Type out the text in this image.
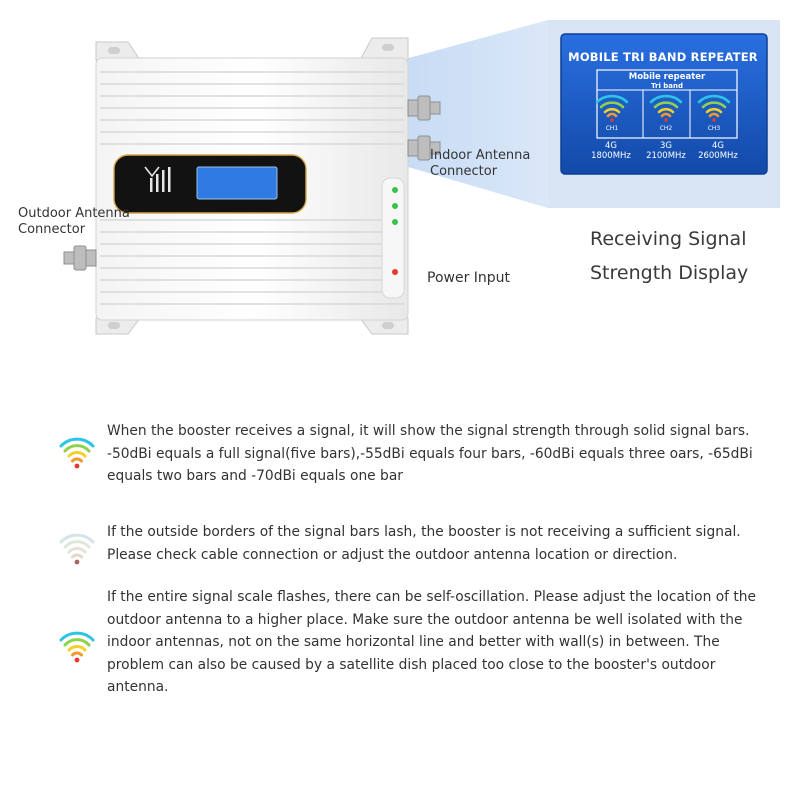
MOBILE TRI BAND REPEATER
Mobile repeater
Tri band
CH1	CH2	CH3
4G
1800MHz
3G
2100MHz
4G
2600MHz
Outdoor Antenna Connector
Indoor Antenna Connector
Power Input
Receiving Signal
Strength Display
When the booster receives a signal, it will show the signal strength through solid signal bars. -50dBi equals a full signal(five bars),-55dBi equals four bars, -60dBi equals three oars, -65dBi equals two bars and -70dBi equals one bar
If the outside borders of the signal bars lash, the booster is not receiving a sufficient signal. Please check cable connection or adjust the outdoor antenna location or direction.
If the entire signal scale flashes, there can be self-oscillation. Please adjust the location of the outdoor antenna to a higher place. Make sure the outdoor antenna be well isolated with the indoor antennas, not on the same horizontal line and better with wall(s) in between. The problem can also be caused by a satellite dish placed too close to the booster's outdoor antenna.
